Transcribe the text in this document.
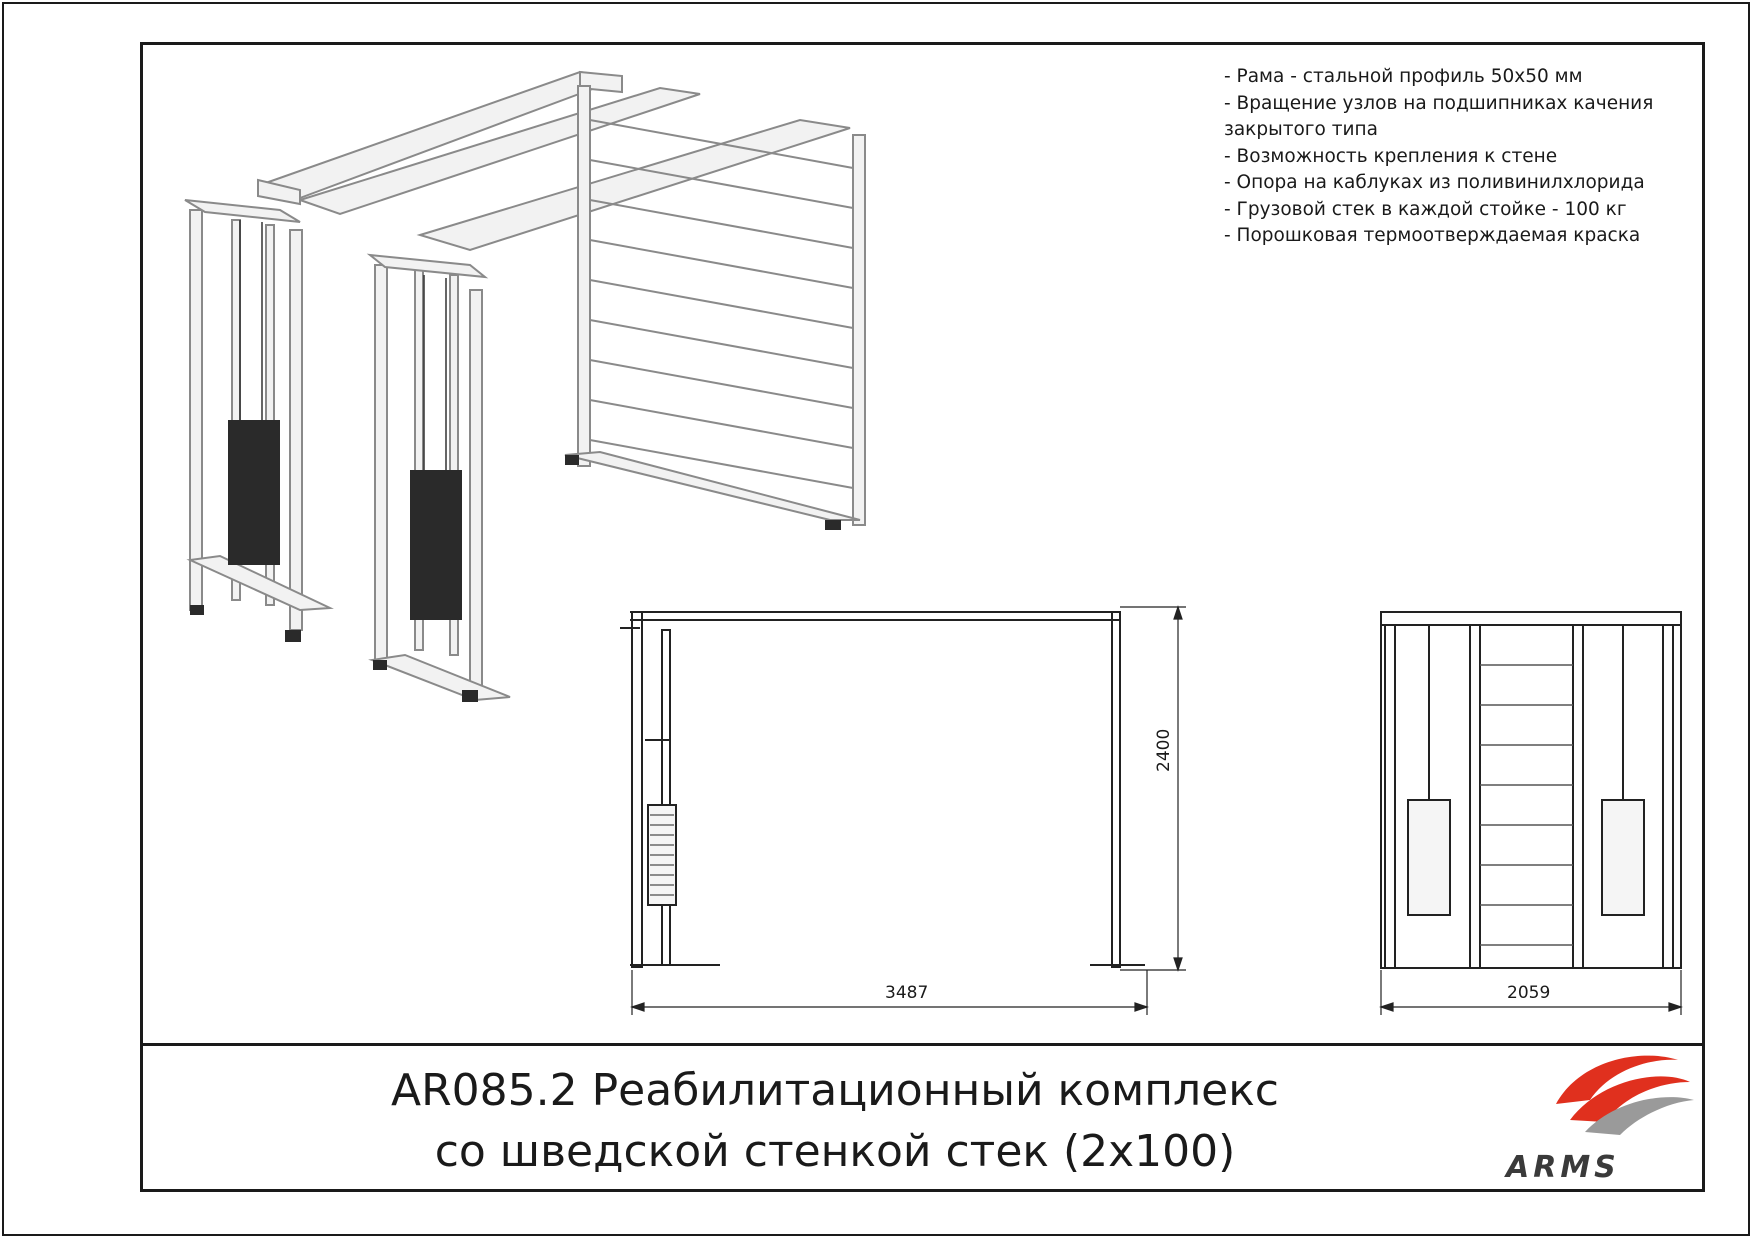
2400
3487	2059
- Рама - стальной профиль 50х50 мм
- Вращение узлов на подшипниках качения
закрытого типа
- Возможность крепления к стене
- Опора на каблуках из поливинилхлорида
- Грузовой стек в каждой стойке - 100 кг
- Порошковая термоотверждаемая краска
AR085.2 Реабилитационный комплекс
со шведской стенкой стек (2х100)	ARMS
